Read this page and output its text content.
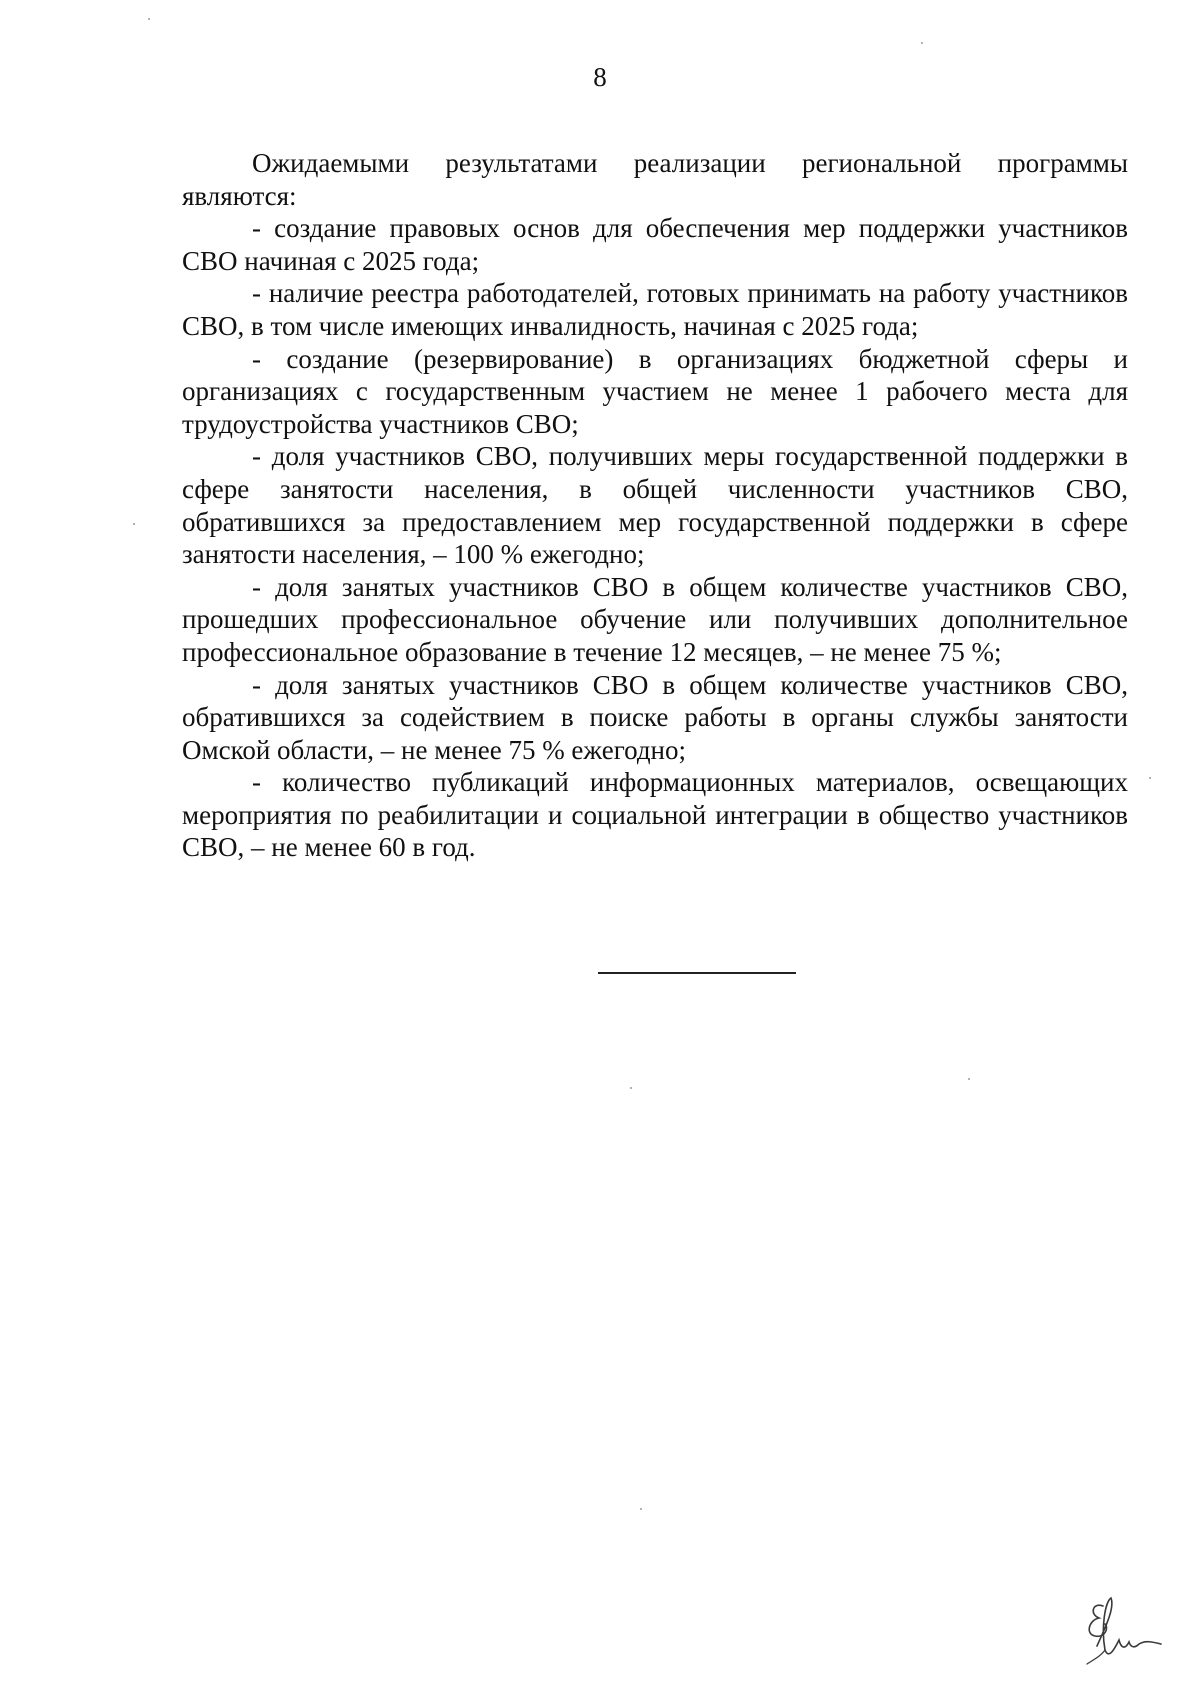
8

Ожидаемыми результатами реализации региональной программы являются:

- создание правовых основ для обеспечения мер поддержки участников СВО начиная с 2025 года;

- наличие реестра работодателей, готовых принимать на работу участников СВО, в том числе имеющих инвалидность, начиная с 2025 года;

- создание (резервирование) в организациях бюджетной сферы и организациях с государственным участием не менее 1 рабочего места для трудоустройства участников СВО;

- доля участников СВО, получивших меры государственной поддержки в сфере занятости населения, в общей численности участников СВО, обратившихся за предоставлением мер государственной поддержки в сфере занятости населения, – 100 % ежегодно;

- доля занятых участников СВО в общем количестве участников СВО, прошедших профессиональное обучение или получивших дополнительное профессиональное образование в течение 12 месяцев, – не менее 75 %;

- доля занятых участников СВО в общем количестве участников СВО, обратившихся за содействием в поиске работы в органы службы занятости Омской области, – не менее 75 % ежегодно;

- количество публикаций информационных материалов, освещающих мероприятия по реабилитации и социальной интеграции в общество участников СВО, – не менее 60 в год.
